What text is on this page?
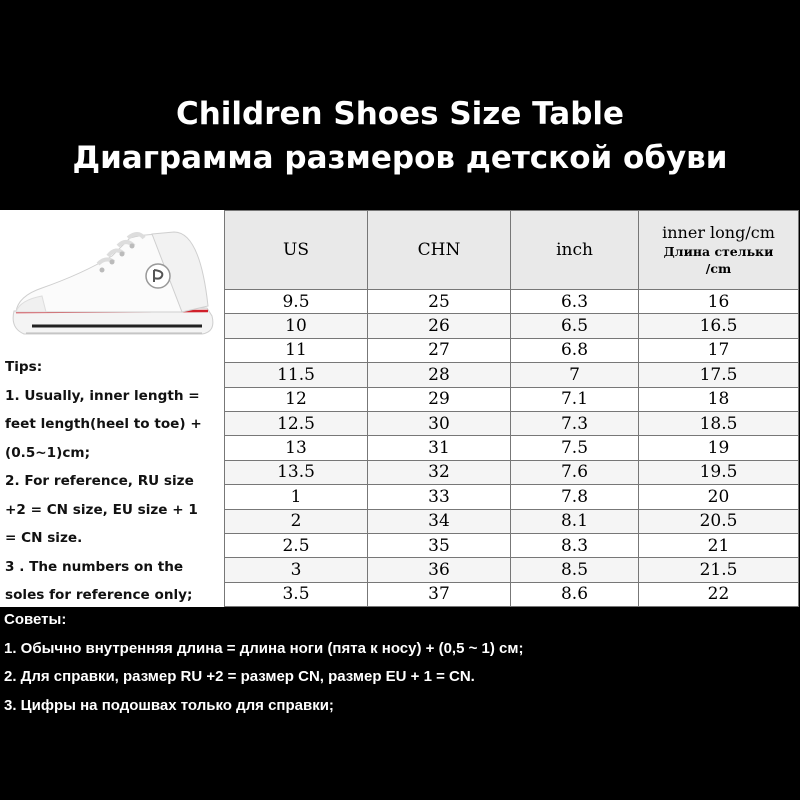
Children Shoes Size Table
Диаграмма размеров детской обуви
Tips:
1. Usually, inner length =
feet length(heel to toe) +
(0.5~1)cm;
2. For reference, RU size
+2 = CN size, EU size + 1
= CN size.
3 . The numbers on the
soles for reference only;
US	CHN	inch	inner long/cm
Длина стельки
/cm

9.5	25	6.3	16
10	26	6.5	16.5
11	27	6.8	17
11.5	28	7	17.5
12	29	7.1	18
12.5	30	7.3	18.5
13	31	7.5	19
13.5	32	7.6	19.5
1	33	7.8	20
2	34	8.1	20.5
2.5	35	8.3	21
3	36	8.5	21.5
3.5	37	8.6	22
Советы:
1. Обычно внутренняя длина = длина ноги (пята к носу) + (0,5 ~ 1) см;
2. Для справки, размер RU +2 = размер CN, размер EU + 1 = CN.
3. Цифры на подошвах только для справки;
